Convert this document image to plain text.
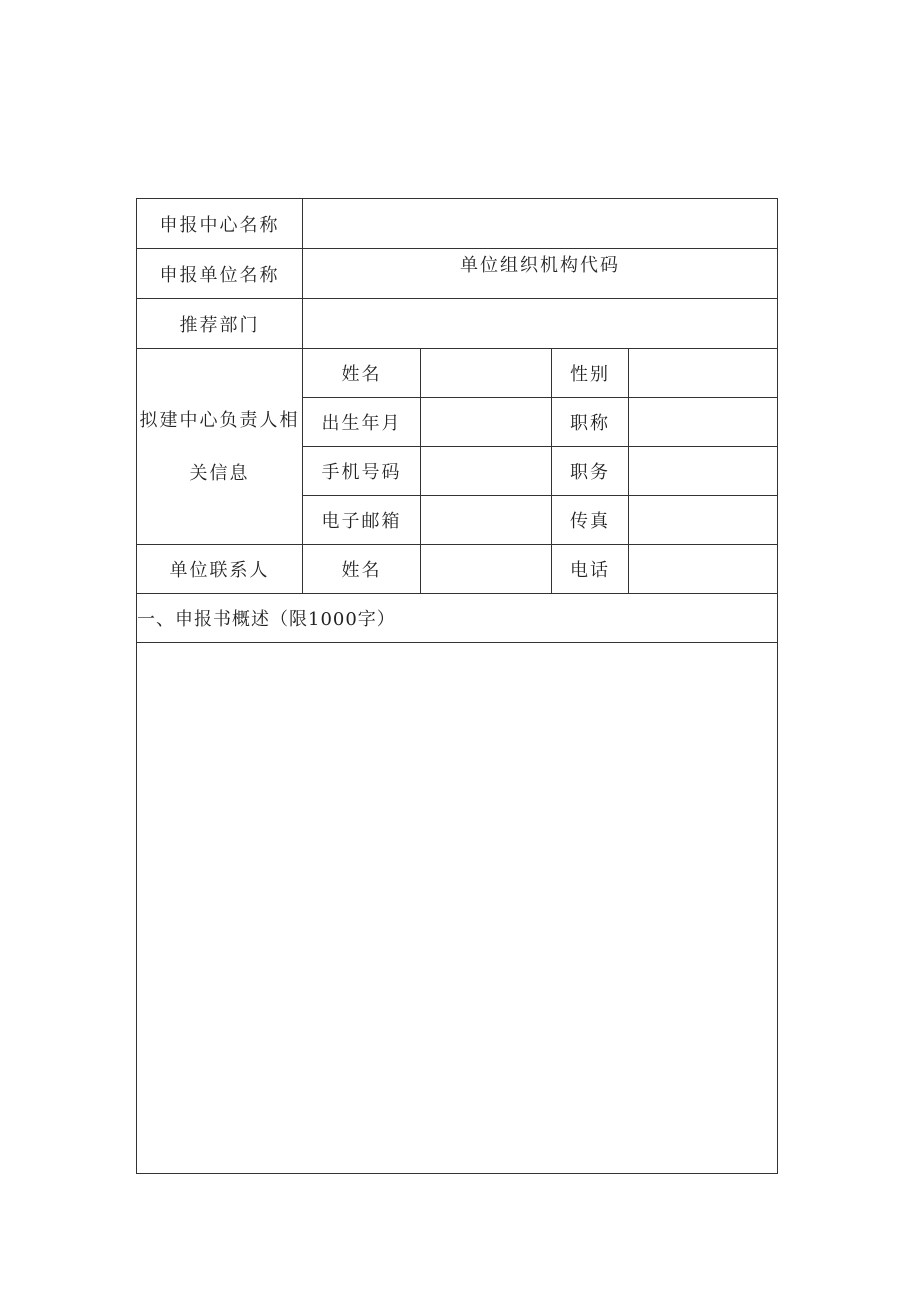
申报中心名称
申报单位名称	单位组织机构代码
推荐部门
拟建中心负责人相
关信息
姓名	性别
出生年月	职称
手机号码	职务
电子邮箱	传真
单位联系人	姓名	电话
一、申报书概述（限1000字）
